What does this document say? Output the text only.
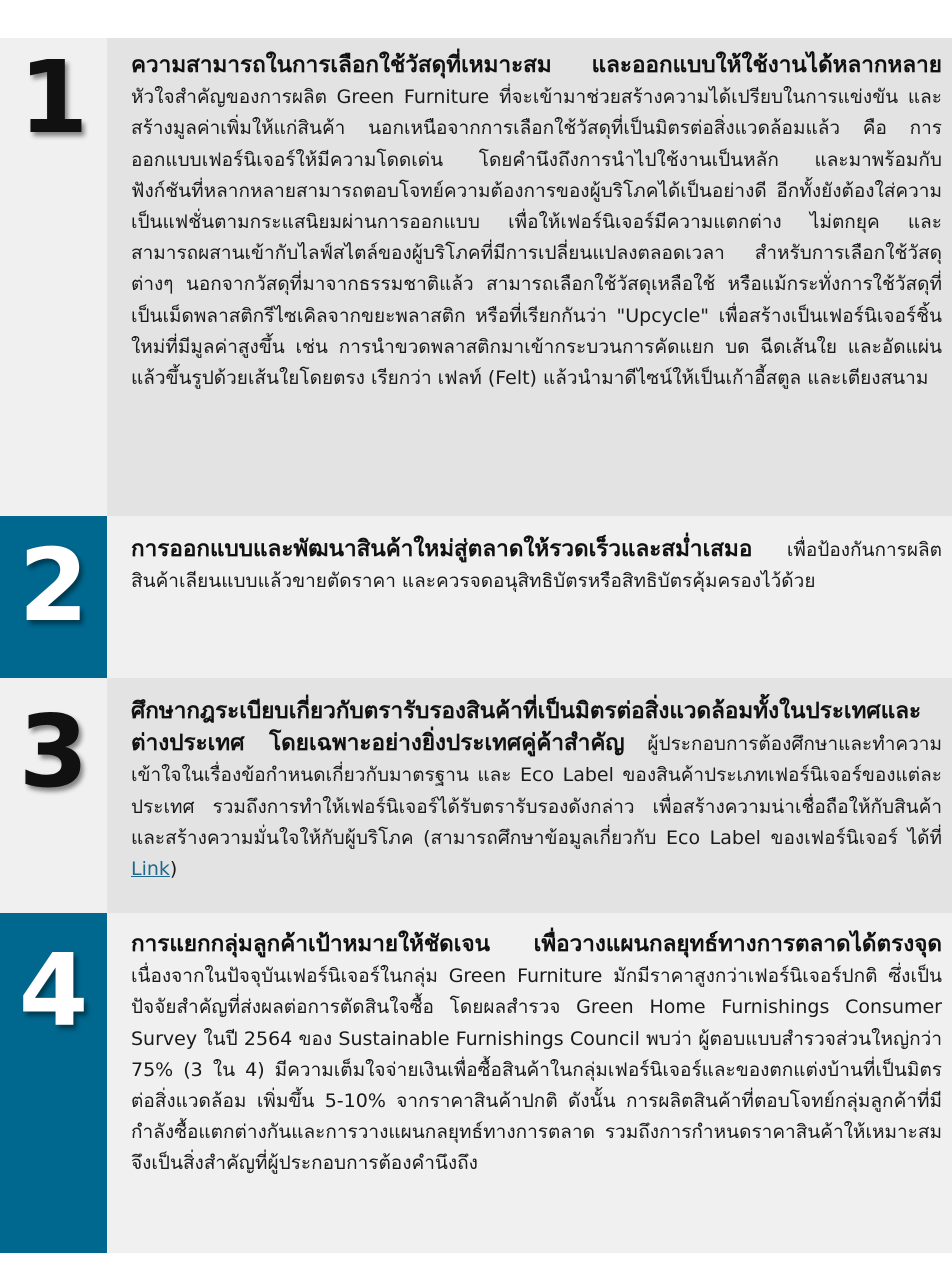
1	ความสามารถในการเลือกใช้วัสดุที่เหมาะสม และออกแบบให้ใช้งานได้หลากหลาย หัวใจสำคัญของการผลิต Green Furniture ที่จะเข้ามาช่วยสร้างความได้เปรียบในการแข่งขัน และสร้างมูลค่าเพิ่มให้แก่สินค้า นอกเหนือจากการเลือกใช้วัสดุที่เป็นมิตรต่อสิ่งแวดล้อมแล้ว คือ การออกแบบเฟอร์นิเจอร์ให้มีความโดดเด่น โดยคำนึงถึงการนำไปใช้งานเป็นหลัก และมาพร้อมกับฟังก์ชันที่หลากหลายสามารถตอบโจทย์ความต้องการของผู้บริโภคได้เป็นอย่างดี อีกทั้งยังต้องใส่ความเป็นแฟชั่นตามกระแสนิยมผ่านการออกแบบ เพื่อให้เฟอร์นิเจอร์มีความแตกต่าง ไม่ตกยุค และสามารถผสานเข้ากับไลฟ์สไตล์ของผู้บริโภคที่มีการเปลี่ยนแปลงตลอดเวลา สำหรับการเลือกใช้วัสดุต่างๆ นอกจากวัสดุที่มาจากธรรมชาติแล้ว สามารถเลือกใช้วัสดุเหลือใช้ หรือแม้กระทั่งการใช้วัสดุที่เป็นเม็ดพลาสติกรีไซเคิลจากขยะพลาสติก หรือที่เรียกกันว่า "Upcycle" เพื่อสร้างเป็นเฟอร์นิเจอร์ชิ้นใหม่ที่มีมูลค่าสูงขึ้น เช่น การนำขวดพลาสติกมาเข้ากระบวนการคัดแยก บด ฉีดเส้นใย และอัดแผ่น แล้วขึ้นรูปด้วยเส้นใยโดยตรง เรียกว่า เฟลท์ (Felt) แล้วนำมาดีไซน์ให้เป็นเก้าอี้สตูล และเตียงสนาม
2	การออกแบบและพัฒนาสินค้าใหม่สู่ตลาดให้รวดเร็วและสม่ำเสมอ เพื่อป้องกันการผลิตสินค้าเลียนแบบแล้วขายตัดราคา และควรจดอนุสิทธิบัตรหรือสิทธิบัตรคุ้มครองไว้ด้วย
3	ศึกษากฎระเบียบเกี่ยวกับตรารับรองสินค้าที่เป็นมิตรต่อสิ่งแวดล้อมทั้งในประเทศและต่างประเทศ โดยเฉพาะอย่างยิ่งประเทศคู่ค้าสำคัญ ผู้ประกอบการต้องศึกษาและทำความเข้าใจในเรื่องข้อกำหนดเกี่ยวกับมาตรฐาน และ Eco Label ของสินค้าประเภทเฟอร์นิเจอร์ของแต่ละประเทศ รวมถึงการทำให้เฟอร์นิเจอร์ได้รับตรารับรองดังกล่าว เพื่อสร้างความน่าเชื่อถือให้กับสินค้า และสร้างความมั่นใจให้กับผู้บริโภค (สามารถศึกษาข้อมูลเกี่ยวกับ Eco Label ของเฟอร์นิเจอร์ ได้ที่ Link)
4	การแยกกลุ่มลูกค้าเป้าหมายให้ชัดเจน เพื่อวางแผนกลยุทธ์ทางการตลาดได้ตรงจุด เนื่องจากในปัจจุบันเฟอร์นิเจอร์ในกลุ่ม Green Furniture มักมีราคาสูงกว่าเฟอร์นิเจอร์ปกติ ซึ่งเป็นปัจจัยสำคัญที่ส่งผลต่อการตัดสินใจซื้อ โดยผลสำรวจ Green Home Furnishings Consumer Survey ในปี 2564 ของ Sustainable Furnishings Council พบว่า ผู้ตอบแบบสำรวจส่วนใหญ่กว่า 75% (3 ใน 4) มีความเต็มใจจ่ายเงินเพื่อซื้อสินค้าในกลุ่มเฟอร์นิเจอร์และของตกแต่งบ้านที่เป็นมิตรต่อสิ่งแวดล้อม เพิ่มขึ้น 5-10% จากราคาสินค้าปกติ ดังนั้น การผลิตสินค้าที่ตอบโจทย์กลุ่มลูกค้าที่มีกำลังซื้อแตกต่างกันและการวางแผนกลยุทธ์ทางการตลาด รวมถึงการกำหนดราคาสินค้าให้เหมาะสมจึงเป็นสิ่งสำคัญที่ผู้ประกอบการต้องคำนึงถึง
